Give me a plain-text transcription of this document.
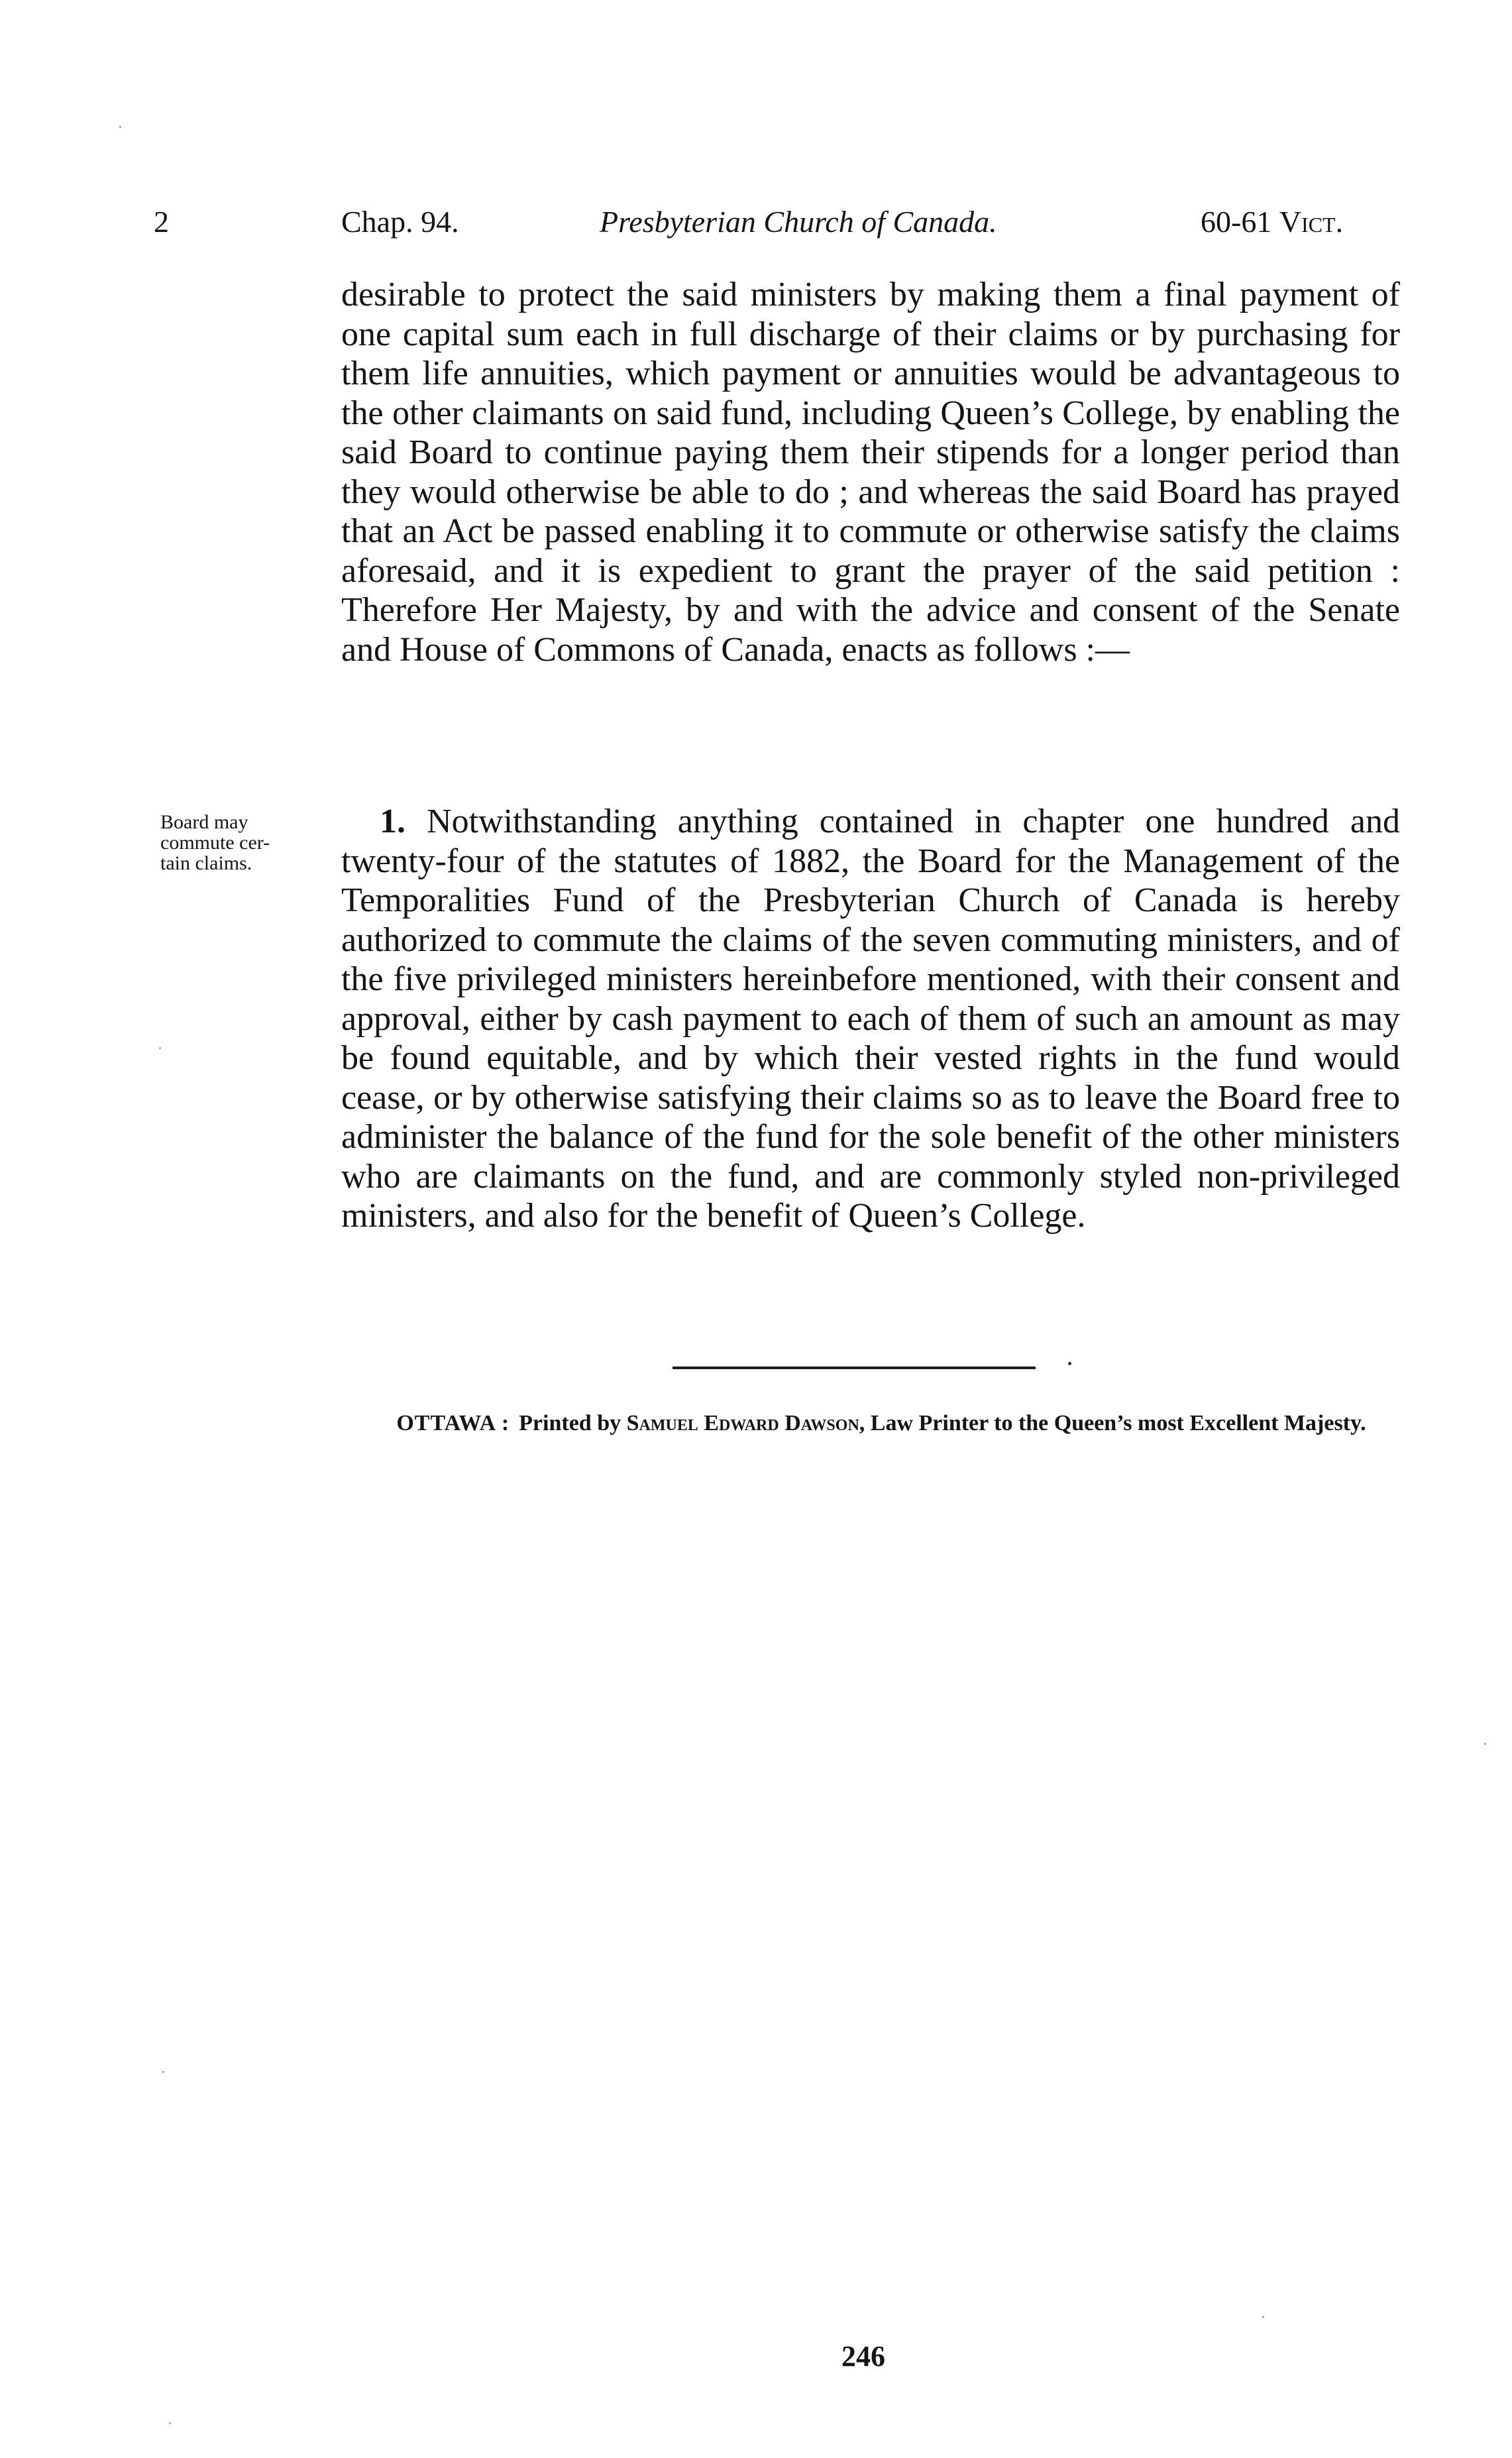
2	Chap. 94.	Presbyterian Church of Canada.	60-61 Vict.
desirable to protect the said ministers by making them a final payment of one capital sum each in full discharge of their claims or by purchasing for them life annuities, which payment or annuities would be advantageous to the other claimants on said fund, including Queen’s College, by enabling the said Board to continue paying them their stipends for a longer period than they would otherwise be able to do ; and whereas the said Board has prayed that an Act be passed enabling it to commute or otherwise satisfy the claims aforesaid, and it is expedient to grant the prayer of the said petition : Therefore Her Majesty, by and with the advice and consent of the Senate and House of Commons of Canada, enacts as follows :—
Board may
commute cer-
tain claims.
1. Notwithstanding anything contained in chapter one hundred and twenty-four of the statutes of 1882, the Board for the Management of the Temporalities Fund of the Presbyterian Church of Canada is hereby authorized to commute the claims of the seven commuting ministers, and of the five privileged ministers hereinbefore mentioned, with their consent and approval, either by cash payment to each of them of such an amount as may be found equitable, and by which their vested rights in the fund would cease, or by otherwise satisfying their claims so as to leave the Board free to administer the balance of the fund for the sole benefit of the other ministers who are claimants on the fund, and are commonly styled non-privileged ministers, and also for the benefit of Queen’s College.
OTTAWA : Printed by Samuel Edward Dawson, Law Printer to the Queen’s most Excellent Majesty.
246
